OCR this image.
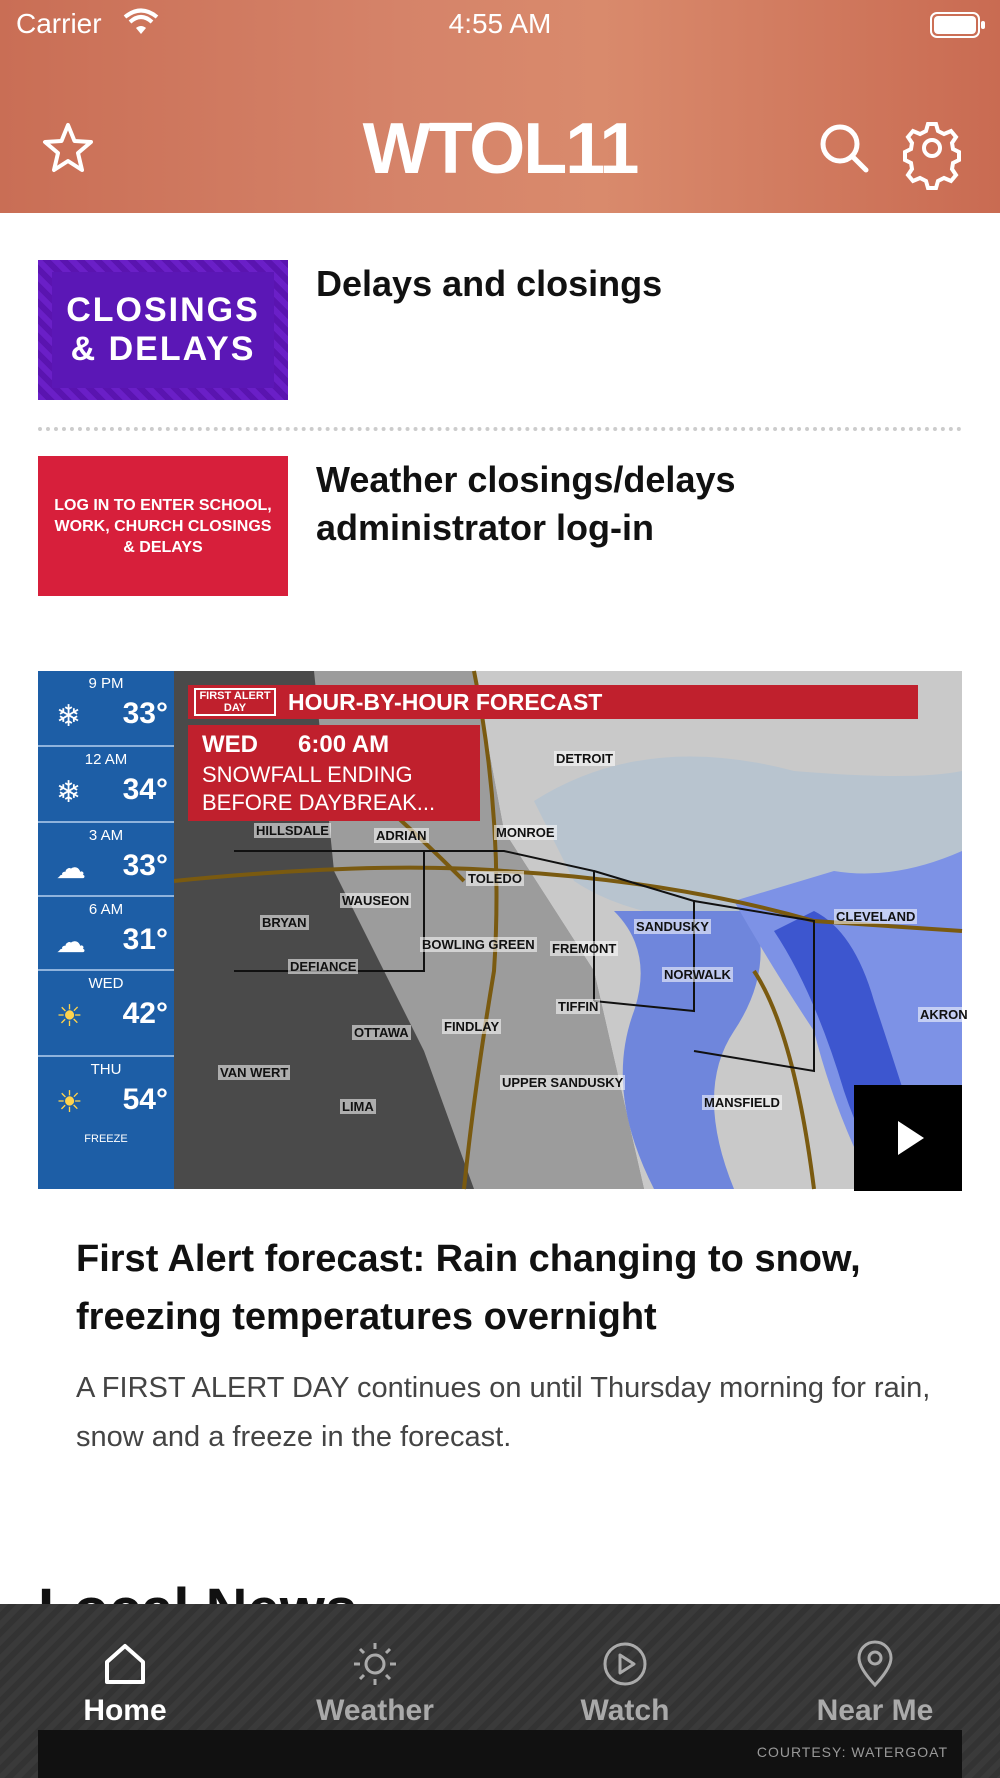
Carrier	4:55 AM
WTOL11
CLOSINGS
& DELAYS
Delays and closings
LOG IN TO ENTER SCHOOL, WORK, CHURCH CLOSINGS & DELAYS
Weather closings/delays administrator log-in
9 PM
❄ 33°
12 AM
❄ 34°
3 AM
☁ 33°
6 AM
☁ 31°
WED
☀ 42°
THU
☀ 54°
FREEZE
FIRST ALERT DAY	HOUR-BY-HOUR FORECAST
WED      6:00 AM
SNOWFALL ENDING
BEFORE DAYBREAK...
HILLSDALE	ADRIAN	MONROE
DETROIT
TOLEDO
WAUSEON
BRYAN
DEFIANCE
BOWLING GREEN FREMONT
SANDUSKY
CLEVELAND
NORWALK
TIFFIN
FINDLAY
OTTAWA
VAN WERT
LIMA
UPPER SANDUSKY
MANSFIELD
AKRON
First Alert forecast: Rain changing to snow, freezing temperatures overnight
A FIRST ALERT DAY continues on until Thursday morning for rain, snow and a freeze in the forecast.
Home	Weather	Watch	Near Me
COURTESY: WATERGOAT
